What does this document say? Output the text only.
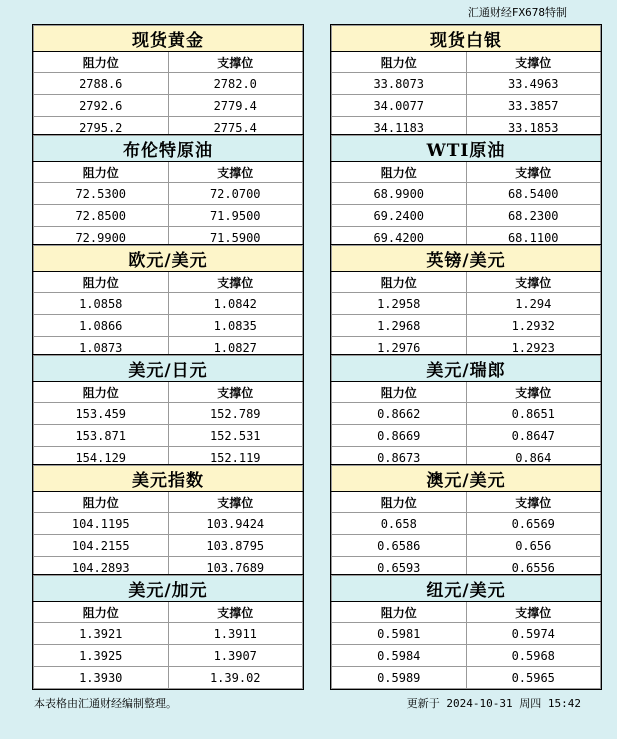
汇通财经FX678特制
现货黄金	
阻力位	支撑位
2788.6	2782.0
2792.6	2779.4
2795.2	2775.4
布伦特原油	
阻力位	支撑位
72.5300	72.0700
72.8500	71.9500
72.9900	71.5900
欧元/美元	
阻力位	支撑位
1.0858	1.0842
1.0866	1.0835
1.0873	1.0827
美元/日元	
阻力位	支撑位
153.459	152.789
153.871	152.531
154.129	152.119
美元指数	
阻力位	支撑位
104.1195	103.9424
104.2155	103.8795
104.2893	103.7689
美元/加元	
阻力位	支撑位
1.3921	1.3911
1.3925	1.3907
1.3930	1.39.02
现货白银	
阻力位	支撑位
33.8073	33.4963
34.0077	33.3857
34.1183	33.1853
WTI原油	
阻力位	支撑位
68.9900	68.5400
69.2400	68.2300
69.4200	68.1100
英镑/美元	
阻力位	支撑位
1.2958	1.294
1.2968	1.2932
1.2976	1.2923
美元/瑞郎	
阻力位	支撑位
0.8662	0.8651
0.8669	0.8647
0.8673	0.864
澳元/美元	
阻力位	支撑位
0.658	0.6569
0.6586	0.656
0.6593	0.6556
纽元/美元	
阻力位	支撑位
0.5981	0.5974
0.5984	0.5968
0.5989	0.5965
本表格由汇通财经编制整理。	更新于 2024-10-31 周四 15:42
